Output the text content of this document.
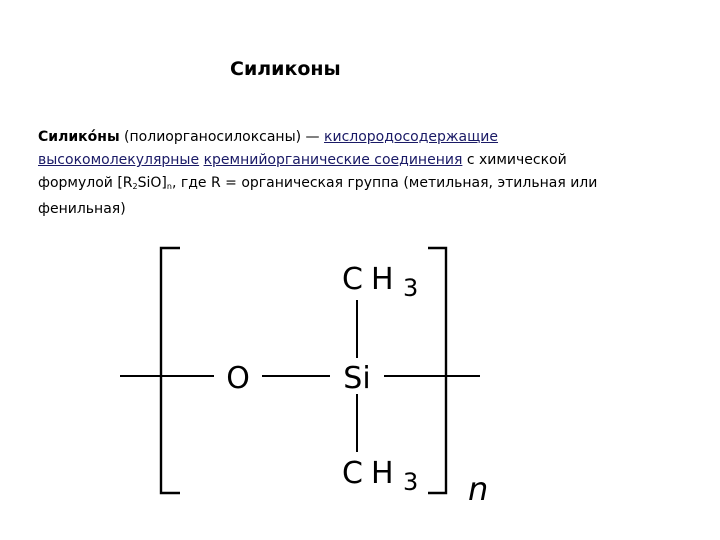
Силиконы
Силико́ны (полиорганосилоксаны) — кислородосодержащие высокомолекулярные кремнийорганические соединения с химической формулой $[R_2SiO]_n$, где R = органическая группа (метильная, этильная или фенильная)
O	Si
CH 3
CH 3 n
